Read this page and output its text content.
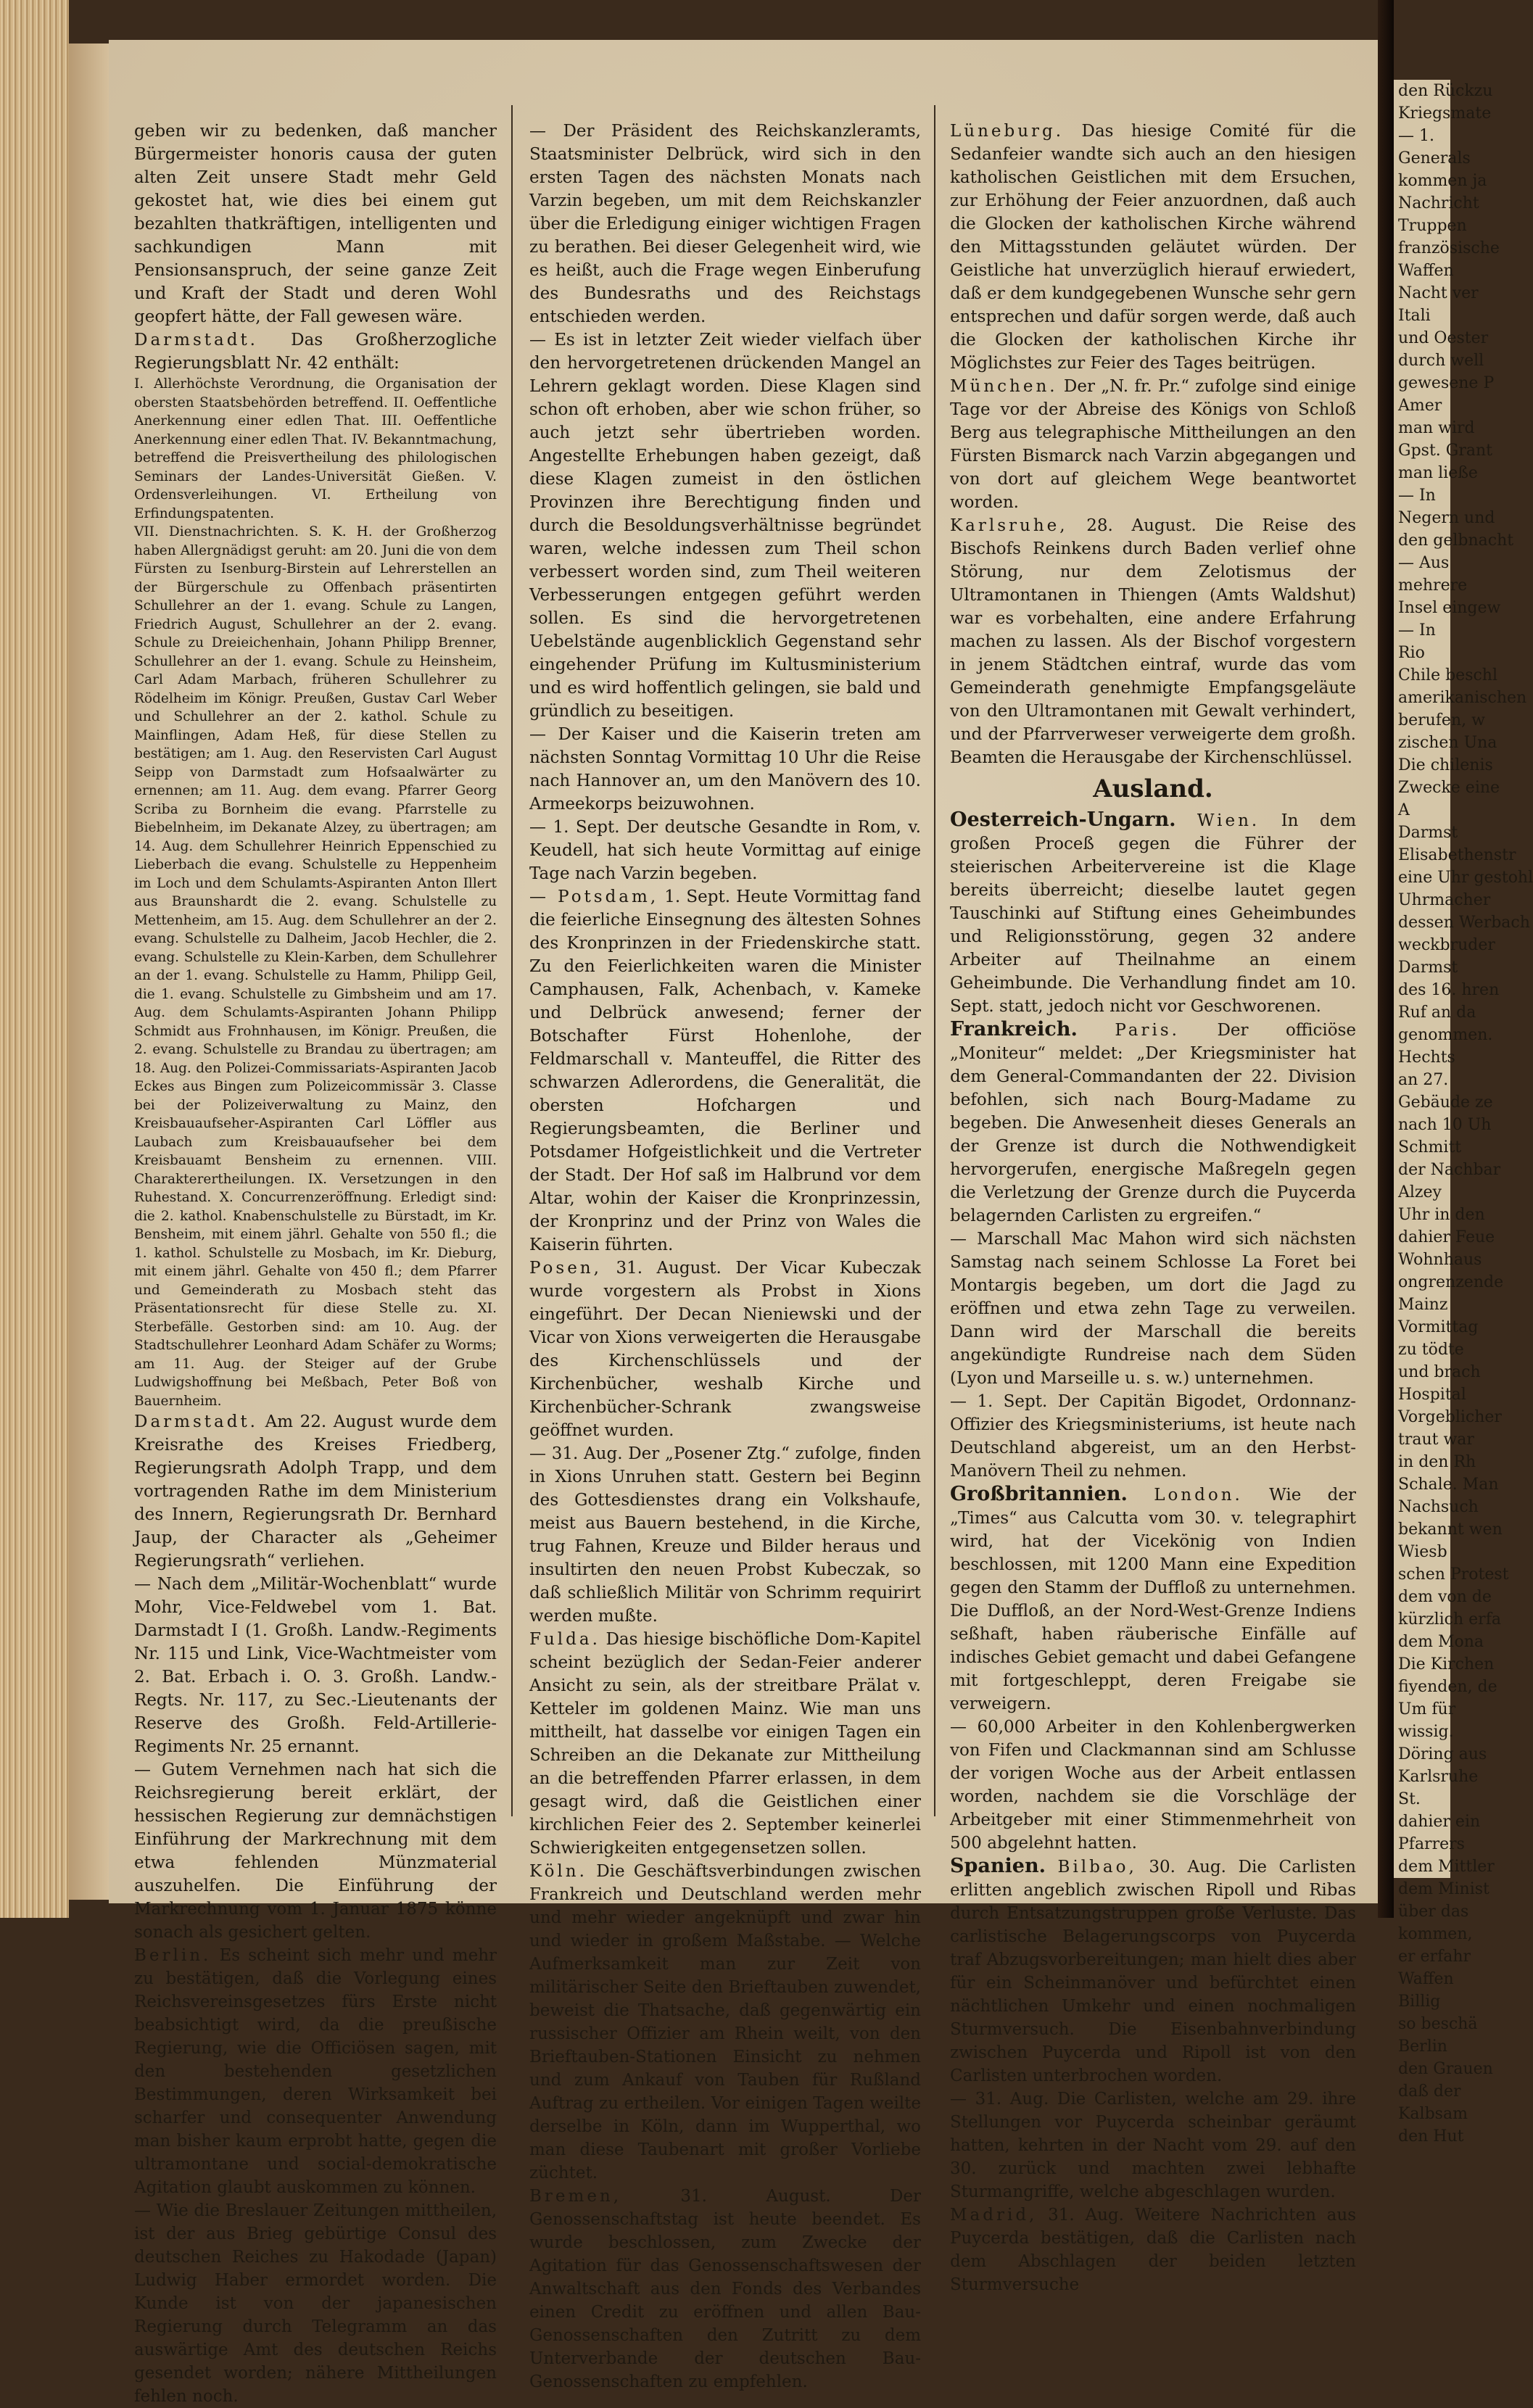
geben wir zu bedenken, daß mancher Bürgermeister honoris causa der guten alten Zeit unsere Stadt mehr Geld gekostet hat, wie dies bei einem gut bezahlten thatkräftigen, intelligenten und sachkundigen Mann mit Pensionsanspruch, der seine ganze Zeit und Kraft der Stadt und deren Wohl geopfert hätte, der Fall gewesen wäre.

Darmstadt. Das Großherzogliche Regierungsblatt Nr. 42 enthält:

I. Allerhöchste Verordnung, die Organisation der obersten Staatsbehörden betreffend. II. Oeffentliche Anerkennung einer edlen That. III. Oeffentliche Anerkennung einer edlen That. IV. Bekanntmachung, betreffend die Preisvertheilung des philologischen Seminars der Landes-Universität Gießen. V. Ordensverleihungen. VI. Ertheilung von Erfindungspatenten.

VII. Dienstnachrichten. S. K. H. der Großherzog haben Allergnädigst geruht: am 20. Juni die von dem Fürsten zu Isenburg-Birstein auf Lehrerstellen an der Bürgerschule zu Offenbach präsentirten Schullehrer an der 1. evang. Schule zu Langen, Friedrich August, Schullehrer an der 2. evang. Schule zu Dreieichenhain, Johann Philipp Brenner, Schullehrer an der 1. evang. Schule zu Heinsheim, Carl Adam Marbach, früheren Schullehrer zu Rödelheim im Königr. Preußen, Gustav Carl Weber und Schullehrer an der 2. kathol. Schule zu Mainflingen, Adam Heß, für diese Stellen zu bestätigen; am 1. Aug. den Reservisten Carl August Seipp von Darmstadt zum Hofsaalwärter zu ernennen; am 11. Aug. dem evang. Pfarrer Georg Scriba zu Bornheim die evang. Pfarrstelle zu Biebelnheim, im Dekanate Alzey, zu übertragen; am 14. Aug. dem Schullehrer Heinrich Eppenschied zu Lieberbach die evang. Schulstelle zu Heppenheim im Loch und dem Schulamts-Aspiranten Anton Illert aus Braunshardt die 2. evang. Schulstelle zu Mettenheim, am 15. Aug. dem Schullehrer an der 2. evang. Schulstelle zu Dalheim, Jacob Hechler, die 2. evang. Schulstelle zu Klein-Karben, dem Schullehrer an der 1. evang. Schulstelle zu Hamm, Philipp Geil, die 1. evang. Schulstelle zu Gimbsheim und am 17. Aug. dem Schulamts-Aspiranten Johann Philipp Schmidt aus Frohnhausen, im Königr. Preußen, die 2. evang. Schulstelle zu Brandau zu übertragen; am 18. Aug. den Polizei-Commissariats-Aspiranten Jacob Eckes aus Bingen zum Polizeicommissär 3. Classe bei der Polizeiverwaltung zu Mainz, den Kreisbauaufseher-Aspiranten Carl Löffler aus Laubach zum Kreisbauaufseher bei dem Kreisbauamt Bensheim zu ernennen. VIII. Charakterertheilungen. IX. Versetzungen in den Ruhestand. X. Concurrenzeröffnung. Erledigt sind: die 2. kathol. Knabenschulstelle zu Bürstadt, im Kr. Bensheim, mit einem jährl. Gehalte von 550 fl.; die 1. kathol. Schulstelle zu Mosbach, im Kr. Dieburg, mit einem jährl. Gehalte von 450 fl.; dem Pfarrer und Gemeinderath zu Mosbach steht das Präsentationsrecht für diese Stelle zu. XI. Sterbefälle. Gestorben sind: am 10. Aug. der Stadtschullehrer Leonhard Adam Schäfer zu Worms; am 11. Aug. der Steiger auf der Grube Ludwigshoffnung bei Meßbach, Peter Boß von Bauernheim.

Darmstadt. Am 22. August wurde dem Kreisrathe des Kreises Friedberg, Regierungsrath Adolph Trapp, und dem vortragenden Rathe im dem Ministerium des Innern, Regierungsrath Dr. Bernhard Jaup, der Character als „Geheimer Regierungsrath“ verliehen.

— Nach dem „Militär-Wochenblatt“ wurde Mohr, Vice-Feldwebel vom 1. Bat. Darmstadt I (1. Großh. Landw.-Regiments Nr. 115 und Link, Vice-Wachtmeister vom 2. Bat. Erbach i. O. 3. Großh. Landw.-Regts. Nr. 117, zu Sec.-Lieutenants der Reserve des Großh. Feld-Artillerie-Regiments Nr. 25 ernannt.

— Gutem Vernehmen nach hat sich die Reichsregierung bereit erklärt, der hessischen Regierung zur demnächstigen Einführung der Markrechnung mit dem etwa fehlenden Münzmaterial auszuhelfen. Die Einführung der Markrechnung vom 1. Januar 1875 könne sonach als gesichert gelten.

Berlin. Es scheint sich mehr und mehr zu bestätigen, daß die Vorlegung eines Reichsvereinsgesetzes fürs Erste nicht beabsichtigt wird, da die preußische Regierung, wie die Officiösen sagen, mit den bestehenden gesetzlichen Bestimmungen, deren Wirksamkeit bei scharfer und consequenter Anwendung man bisher kaum erprobt hatte, gegen die ultramontane und social-demokratische Agitation glaubt auskommen zu können.

— Wie die Breslauer Zeitungen mittheilen, ist der aus Brieg gebürtige Consul des deutschen Reiches zu Hakodade (Japan) Ludwig Haber ermordet worden. Die Kunde ist von der japanesischen Regierung durch Telegramm an das auswärtige Amt des deutschen Reichs gesendet worden; nähere Mittheilungen fehlen noch.

— Der Präsident des Reichskanzleramts, Staatsminister Delbrück, wird sich in den ersten Tagen des nächsten Monats nach Varzin begeben, um mit dem Reichskanzler über die Erledigung einiger wichtigen Fragen zu berathen. Bei dieser Gelegenheit wird, wie es heißt, auch die Frage wegen Einberufung des Bundesraths und des Reichstags entschieden werden.

— Es ist in letzter Zeit wieder vielfach über den hervorgetretenen drückenden Mangel an Lehrern geklagt worden. Diese Klagen sind schon oft erhoben, aber wie schon früher, so auch jetzt sehr übertrieben worden. Angestellte Erhebungen haben gezeigt, daß diese Klagen zumeist in den östlichen Provinzen ihre Berechtigung finden und durch die Besoldungsverhältnisse begründet waren, welche indessen zum Theil schon verbessert worden sind, zum Theil weiteren Verbesserungen entgegen geführt werden sollen. Es sind die hervorgetretenen Uebelstände augenblicklich Gegenstand sehr eingehender Prüfung im Kultusministerium und es wird hoffentlich gelingen, sie bald und gründlich zu beseitigen.

— Der Kaiser und die Kaiserin treten am nächsten Sonntag Vormittag 10 Uhr die Reise nach Hannover an, um den Manövern des 10. Armeekorps beizuwohnen.

— 1. Sept. Der deutsche Gesandte in Rom, v. Keudell, hat sich heute Vormittag auf einige Tage nach Varzin begeben.

— Potsdam, 1. Sept. Heute Vormittag fand die feierliche Einsegnung des ältesten Sohnes des Kronprinzen in der Friedenskirche statt. Zu den Feierlichkeiten waren die Minister Camphausen, Falk, Achenbach, v. Kameke und Delbrück anwesend; ferner der Botschafter Fürst Hohenlohe, der Feldmarschall v. Manteuffel, die Ritter des schwarzen Adlerordens, die Generalität, die obersten Hofchargen und Regierungsbeamten, die Berliner und Potsdamer Hofgeistlichkeit und die Vertreter der Stadt. Der Hof saß im Halbrund vor dem Altar, wohin der Kaiser die Kronprinzessin, der Kronprinz und der Prinz von Wales die Kaiserin führten.

Posen, 31. August. Der Vicar Kubeczak wurde vorgestern als Probst in Xions eingeführt. Der Decan Nieniewski und der Vicar von Xions verweigerten die Herausgabe des Kirchenschlüssels und der Kirchenbücher, weshalb Kirche und Kirchenbücher-Schrank zwangsweise geöffnet wurden.

— 31. Aug. Der „Posener Ztg.“ zufolge, finden in Xions Unruhen statt. Gestern bei Beginn des Gottesdienstes drang ein Volkshaufe, meist aus Bauern bestehend, in die Kirche, trug Fahnen, Kreuze und Bilder heraus und insultirten den neuen Probst Kubeczak, so daß schließlich Militär von Schrimm requirirt werden mußte.

Fulda. Das hiesige bischöfliche Dom-Kapitel scheint bezüglich der Sedan-Feier anderer Ansicht zu sein, als der streitbare Prälat v. Ketteler im goldenen Mainz. Wie man uns mittheilt, hat dasselbe vor einigen Tagen ein Schreiben an die Dekanate zur Mittheilung an die betreffenden Pfarrer erlassen, in dem gesagt wird, daß die Geistlichen einer kirchlichen Feier des 2. September keinerlei Schwierigkeiten entgegensetzen sollen.

Köln. Die Geschäftsverbindungen zwischen Frankreich und Deutschland werden mehr und mehr wieder angeknüpft und zwar hin und wieder in großem Maßstabe. — Welche Aufmerksamkeit man zur Zeit von militärischer Seite den Brieftauben zuwendet, beweist die Thatsache, daß gegenwärtig ein russischer Offizier am Rhein weilt, von den Brieftauben-Stationen Einsicht zu nehmen und zum Ankauf von Tauben für Rußland Auftrag zu ertheilen. Vor einigen Tagen weilte derselbe in Köln, dann im Wupperthal, wo man diese Taubenart mit großer Vorliebe züchtet.

Bremen,	31. August. Der Genossenschaftstag ist heute beendet. Es wurde beschlossen, zum Zwecke der Agitation für das Genossenschaftswesen der Anwaltschaft aus den Fonds des Verbandes einen Credit zu eröffnen und allen Bau-Genossenschaften den Zutritt zu dem Unterverbande der deutschen Bau-Genossenschaften zu empfehlen.

Lüneburg. Das hiesige Comité für die Sedanfeier wandte sich auch an den hiesigen katholischen Geistlichen mit dem Ersuchen, zur Erhöhung der Feier anzuordnen, daß auch die Glocken der katholischen Kirche während den Mittagsstunden geläutet würden. Der Geistliche hat unverzüglich hierauf erwiedert, daß er dem kundgegebenen Wunsche sehr gern entsprechen und dafür sorgen werde, daß auch die Glocken der katholischen Kirche ihr Möglichstes zur Feier des Tages beitrügen.

München. Der „N. fr. Pr.“ zufolge sind einige Tage vor der Abreise des Königs von Schloß Berg aus telegraphische Mittheilungen an den Fürsten Bismarck nach Varzin abgegangen und von dort auf gleichem Wege beantwortet worden.

Karlsruhe, 28. August. Die Reise des Bischofs Reinkens durch Baden verlief ohne Störung, nur dem Zelotismus der Ultramontanen in Thiengen (Amts Waldshut) war es vorbehalten, eine andere Erfahrung machen zu lassen. Als der Bischof vorgestern in jenem Städtchen eintraf, wurde das vom Gemeinderath genehmigte Empfangsgeläute von den Ultramontanen mit Gewalt verhindert, und der Pfarrverweser verweigerte dem großh. Beamten die Herausgabe der Kirchenschlüssel.

Ausland.

Oesterreich-Ungarn. Wien. In dem großen Proceß gegen die Führer der steierischen Arbeitervereine ist die Klage bereits überreicht; dieselbe lautet gegen Tauschinki auf Stiftung eines Geheimbundes und Religionsstörung, gegen 32 andere Arbeiter auf Theilnahme an einem Geheimbunde. Die Verhandlung findet am 10. Sept. statt, jedoch nicht vor Geschworenen.

Frankreich. Paris. Der officiöse „Moniteur“ meldet: „Der Kriegsminister hat dem General-Commandanten der 22. Division befohlen, sich nach Bourg-Madame zu begeben. Die Anwesenheit dieses Generals an der Grenze ist durch die Nothwendigkeit hervorgerufen, energische Maßregeln gegen die Verletzung der Grenze durch die Puycerda belagernden Carlisten zu ergreifen.“

— Marschall Mac Mahon wird sich nächsten Samstag nach seinem Schlosse La Foret bei Montargis begeben, um dort die Jagd zu eröffnen und etwa zehn Tage zu verweilen. Dann wird der Marschall die bereits angekündigte Rundreise nach dem Süden (Lyon und Marseille u. s. w.) unternehmen.

— 1. Sept. Der Capitän Bigodet, Ordonnanz-Offizier des Kriegsministeriums, ist heute nach Deutschland abgereist, um an den Herbst-Manövern Theil zu nehmen.

Großbritannien. London. Wie der „Times“ aus Calcutta vom 30. v. telegraphirt wird, hat der Vicekönig von Indien beschlossen, mit 1200 Mann eine Expedition gegen den Stamm der Duffloß zu unternehmen. Die Duffloß, an der Nord-West-Grenze Indiens seßhaft, haben räuberische Einfälle auf indisches Gebiet gemacht und dabei Gefangene mit fortgeschleppt, deren Freigabe sie verweigern.

— 60,000 Arbeiter in den Kohlenbergwerken von Fifen und Clackmannan sind am Schlusse der vorigen Woche aus der Arbeit entlassen worden, nachdem sie die Vorschläge der Arbeitgeber mit einer Stimmenmehrheit von 500 abgelehnt hatten.

Spanien. Bilbao, 30. Aug. Die Carlisten erlitten angeblich zwischen Ripoll und Ribas durch Entsatzungstruppen große Verluste. Das carlistische Belagerungscorps von Puycerda traf Abzugsvorbereitungen; man hielt dies aber für ein Scheinmanöver und befürchtet einen nächtlichen Umkehr und einen nochmaligen Sturmversuch. Die Eisenbahnverbindung zwischen Puycerda und Ripoll ist von den Carlisten unterbrochen worden.

— 31. Aug. Die Carlisten, welche am 29. ihre Stellungen vor Puycerda scheinbar geräumt hatten, kehrten in der Nacht vom 29. auf den 30. zurück und machten zwei lebhafte Sturmangriffe, welche abgeschlagen wurden.

Madrid, 31. Aug. Weitere Nachrichten aus Puycerda bestätigen, daß die Carlisten nach dem Abschlagen der beiden letzten Sturmversuche

den Rückzu
Kriegsmate
— 1.
Generals
kommen ja
Nachricht
Truppen
französische
Waffen
Nacht ver
Itali
und Oester
durch well
gewesene P
Amer
man wird
Gpst. Grant
man ließe
— In
Negern und
den gelbnacht
— Aus
mehrere
Insel eingew
— In
Rio
Chile beschl
amerikanischen
berufen, w
zischen Una
Die chilenis
Zwecke eine
A
Darmst
Elisabethenstr
eine Uhr gestohl
Uhrmacher
dessen Werbach
weckbruder
Darmst
des 16. hren
Ruf an da
genommen.
Hechts
an 27.
Gebäude ze
nach 10 Uh
Schmitt
der Nachbar
Alzey
Uhr in den
dahier Feue
Wohnhaus
ongrenzende
Mainz
Vormittag
zu tödte
und brach
Hospital
Vorgeblicher
traut war
in den Rh
Schale. Man
Nachsuch
bekannt wen
Wiesb
schen Protest
dem von de
kürzlich erfa
dem Mona
Die Kirchen
fiyenden, de
Um für
wissig.
Döring aus
Karlsruhe
St.
dahier ein
Pfarrers
dem Mittler
dem Minist
über das
kommen,
er erfahr
Waffen
Billig
so beschä
Berlin
den Grauen
daß der
Kalbsam
den Hut
